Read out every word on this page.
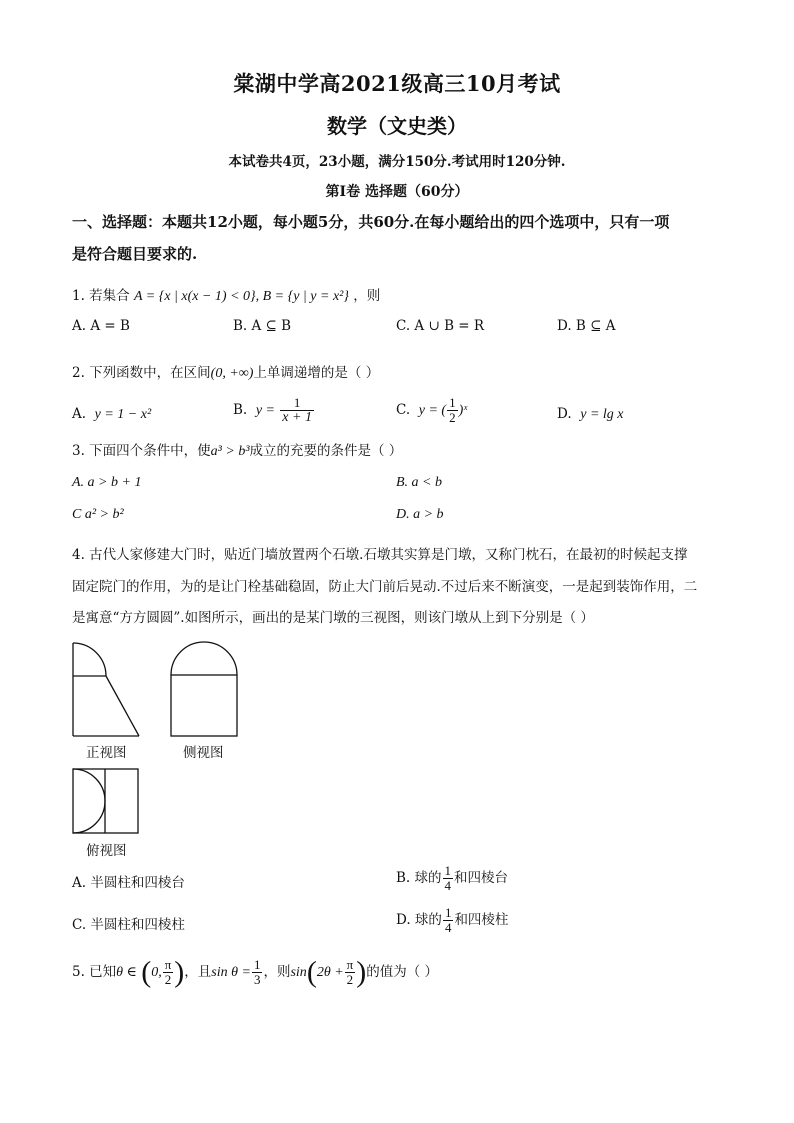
棠湖中学高2021级高三10月考试
数学（文史类）
本试卷共4页，23小题，满分150分.考试用时120分钟.
第Ⅰ卷 选择题（60分）
一、选择题：本题共12小题，每小题5分，共60分.在每小题给出的四个选项中，只有一项
是符合题目要求的.
1. 若集合 A = {x | x(x − 1) < 0}, B = {y | y = x²} ，则
A. A = B	B. A ⊆ B	C. A ∪ B = R	D. B ⊆ A
2. 下列函数中，在区间(0, +∞)上单调递增的是（ ）
A. y = 1 − x²	B. $y = \frac{1}{x + 1}$	C. y = ( $\frac{1}{2}$ )ˣ	D. y = lg x
3. 下面四个条件中，使a³ > b³成立的充要的条件是（ ）
A. a > b + 1	B. a < b
C a² > b²	D. a > b
4. 古代人家修建大门时，贴近门墙放置两个石墩.石墩其实算是门墩，又称门枕石，在最初的时候起支撑
固定院门的作用，为的是让门栓基础稳固，防止大门前后晃动.不过后来不断演变，一是起到装饰作用，二
是寓意“方方圆圆”.如图所示，画出的是某门墩的三视图，则该门墩从上到下分别是（ ）
正视图	侧视图
俯视图
A. 半圆柱和四棱台	B. 球的 $\frac{1}{4}$ 和四棱台
C. 半圆柱和四棱柱	D. 球的 $\frac{1}{4}$ 和四棱柱
5. 已知θ ∈ (0, $\frac{\pi}{2}$ )，且$\sin \theta = \frac{1}{3}$ ，则$\sin(2\theta + \frac{\pi}{2}$ )的值为（ ）
